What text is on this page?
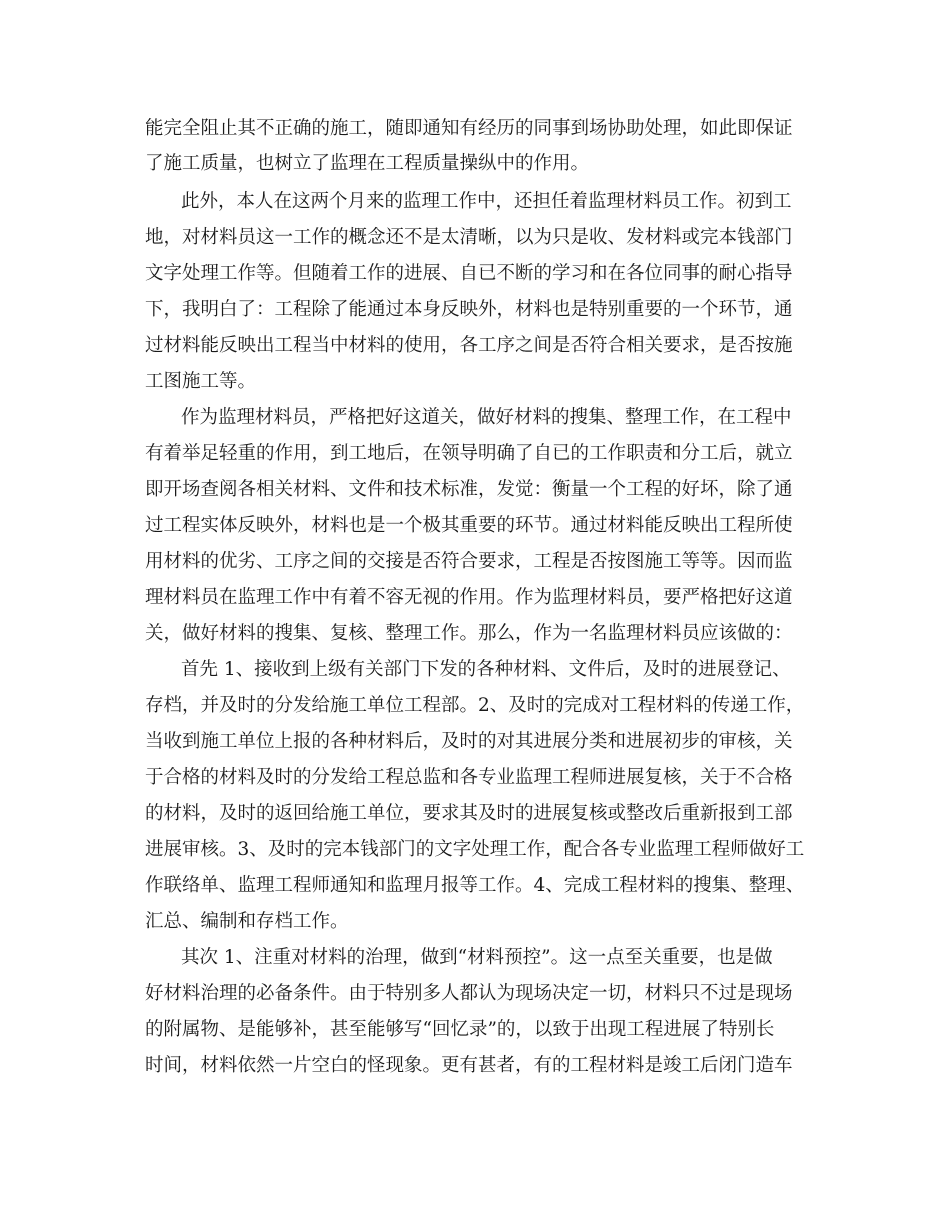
能完全阻止其不正确的施工，随即通知有经历的同事到场协助处理，如此即保证

了施工质量，也树立了监理在工程质量操纵中的作用。

此外，本人在这两个月来的监理工作中，还担任着监理材料员工作。初到工

地，对材料员这一工作的概念还不是太清晰，以为只是收、发材料或完本钱部门

文字处理工作等。但随着工作的进展、自已不断的学习和在各位同事的耐心指导

下，我明白了：工程除了能通过本身反映外，材料也是特别重要的一个环节，通

过材料能反映出工程当中材料的使用，各工序之间是否符合相关要求，是否按施

工图施工等。

作为监理材料员，严格把好这道关，做好材料的搜集、整理工作，在工程中

有着举足轻重的作用，到工地后，在领导明确了自已的工作职责和分工后，就立

即开场查阅各相关材料、文件和技术标准，发觉：衡量一个工程的好坏，除了通

过工程实体反映外，材料也是一个极其重要的环节。通过材料能反映出工程所使

用材料的优劣、工序之间的交接是否符合要求，工程是否按图施工等等。因而监

理材料员在监理工作中有着不容无视的作用。作为监理材料员，要严格把好这道

关，做好材料的搜集、复核、整理工作。那么，作为一名监理材料员应该做的：

首先 1、接收到上级有关部门下发的各种材料、文件后，及时的进展登记、

存档，并及时的分发给施工单位工程部。2、及时的完成对工程材料的传递工作，

当收到施工单位上报的各种材料后，及时的对其进展分类和进展初步的审核，关

于合格的材料及时的分发给工程总监和各专业监理工程师进展复核，关于不合格

的材料，及时的返回给施工单位，要求其及时的进展复核或整改后重新报到工部

进展审核。3、及时的完本钱部门的文字处理工作，配合各专业监理工程师做好工

作联络单、监理工程师通知和监理月报等工作。4、完成工程材料的搜集、整理、

汇总、编制和存档工作。

其次 1、注重对材料的治理，做到“材料预控”。这一点至关重要，也是做

好材料治理的必备条件。由于特别多人都认为现场决定一切，材料只不过是现场

的附属物、是能够补，甚至能够写“回忆录”的，以致于出现工程进展了特别长

时间，材料依然一片空白的怪现象。更有甚者，有的工程材料是竣工后闭门造车
